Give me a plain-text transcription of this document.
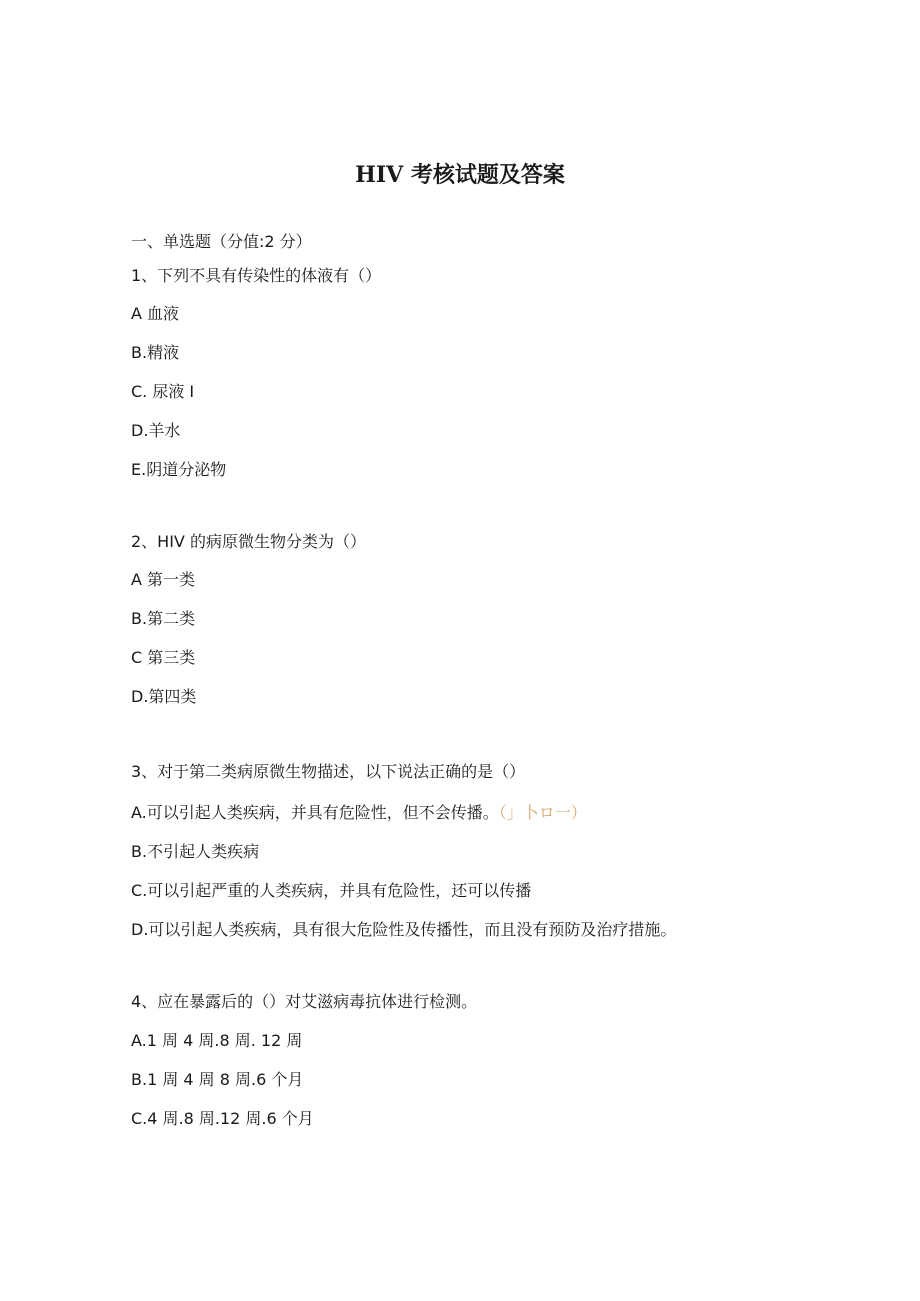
HIV 考核试题及答案

一、单选题（分值:2 分）

1、下列不具有传染性的体液有（）

A 血液

B.精液

C. 尿液 I

D.羊水

E.阴道分泌物

2、HIV 的病原微生物分类为（）

A 第一类

B.第二类

C 第三类

D.第四类

3、对于第二类病原微生物描述，以下说法正确的是（）

A.可以引起人类疾病，并具有危险性，但不会传播。（」卜ロ一）

B.不引起人类疾病

C.可以引起严重的人类疾病，并具有危险性，还可以传播

D.可以引起人类疾病，具有很大危险性及传播性，而且没有预防及治疗措施。

4、应在暴露后的（）对艾滋病毒抗体进行检测。

A.1 周 4 周.8 周. 12 周

B.1 周 4 周 8 周.6 个月

C.4 周.8 周.12 周.6 个月
